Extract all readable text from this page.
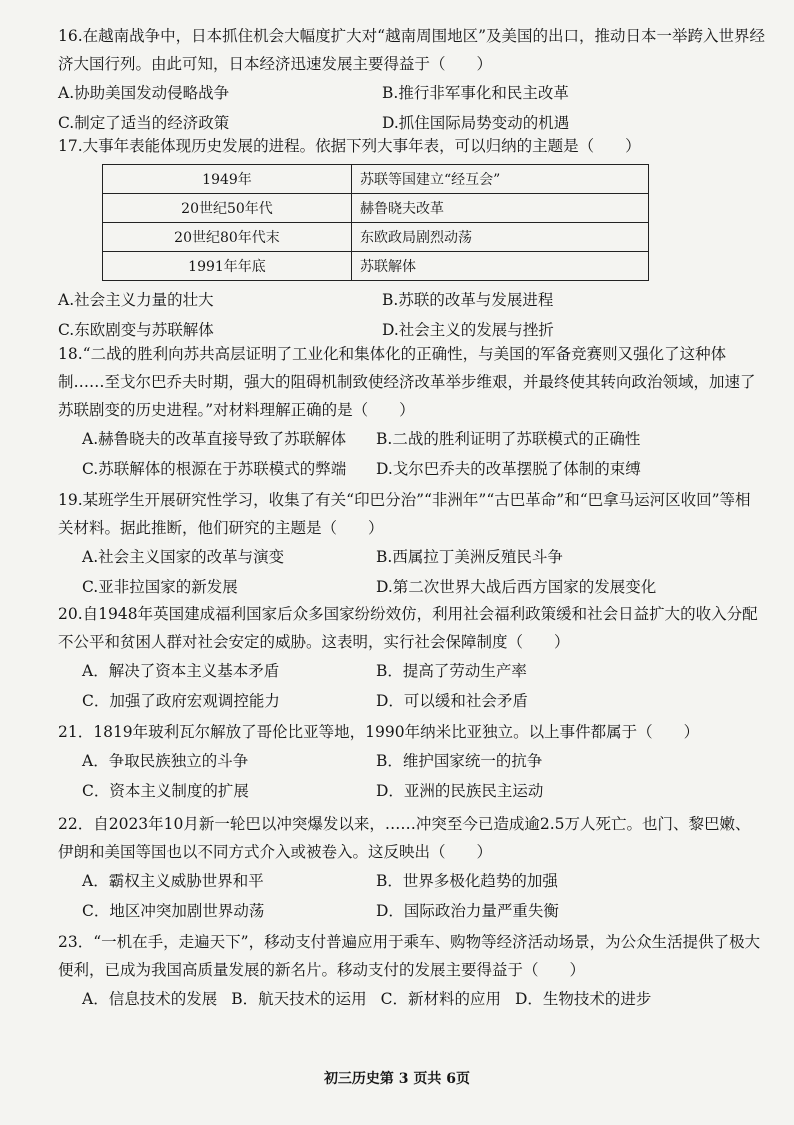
16.在越南战争中，日本抓住机会大幅度扩大对“越南周围地区”及美国的出口，推动日本一举跨入世界经济大国行列。由此可知，日本经济迅速发展主要得益于（　　）

A.协助美国发动侵略战争	B.推行非军事化和民主改革
C.制定了适当的经济政策	D.抓住国际局势变动的机遇

17.大事年表能体现历史发展的进程。依据下列大事年表，可以归纳的主题是（　　）

1949年	苏联等国建立“经互会”
20世纪50年代	赫鲁晓夫改革
20世纪80年代末	东欧政局剧烈动荡
1991年年底	苏联解体
A.社会主义力量的壮大	B.苏联的改革与发展进程
C.东欧剧变与苏联解体	D.社会主义的发展与挫折

18.“二战的胜利向苏共高层证明了工业化和集体化的正确性，与美国的军备竞赛则又强化了这种体制……至戈尔巴乔夫时期，强大的阻碍机制致使经济改革举步维艰，并最终使其转向政治领域，加速了苏联剧变的历史进程。”对材料理解正确的是（　　）

A.赫鲁晓夫的改革直接导致了苏联解体	B.二战的胜利证明了苏联模式的正确性
C.苏联解体的根源在于苏联模式的弊端	D.戈尔巴乔夫的改革摆脱了体制的束缚

19.某班学生开展研究性学习，收集了有关“印巴分治”“非洲年”“古巴革命”和“巴拿马运河区收回”等相关材料。据此推断，他们研究的主题是（　　）

A.社会主义国家的改革与演变	B.西属拉丁美洲反殖民斗争
C.亚非拉国家的新发展	D.第二次世界大战后西方国家的发展变化

20.自1948年英国建成福利国家后众多国家纷纷效仿，利用社会福利政策缓和社会日益扩大的收入分配不公平和贫困人群对社会安定的威胁。这表明，实行社会保障制度（　　）

A．解决了资本主义基本矛盾	B．提高了劳动生产率
C．加强了政府宏观调控能力	D．可以缓和社会矛盾

21．1819年玻利瓦尔解放了哥伦比亚等地，1990年纳米比亚独立。以上事件都属于（　　）

A．争取民族独立的斗争	B．维护国家统一的抗争
C．资本主义制度的扩展	D．亚洲的民族民主运动

22．自2023年10月新一轮巴以冲突爆发以来，……冲突至今已造成逾2.5万人死亡。也门、黎巴嫩、伊朗和美国等国也以不同方式介入或被卷入。这反映出（　　）

A．霸权主义威胁世界和平	B．世界多极化趋势的加强
C．地区冲突加剧世界动荡	D．国际政治力量严重失衡

23．“一机在手，走遍天下”，移动支付普遍应用于乘车、购物等经济活动场景，为公众生活提供了极大便利，已成为我国高质量发展的新名片。移动支付的发展主要得益于（　　）

A．信息技术的发展 B．航天技术的运用 C．新材料的应用 D．生物技术的进步
初三历史第 3 页共 6页
